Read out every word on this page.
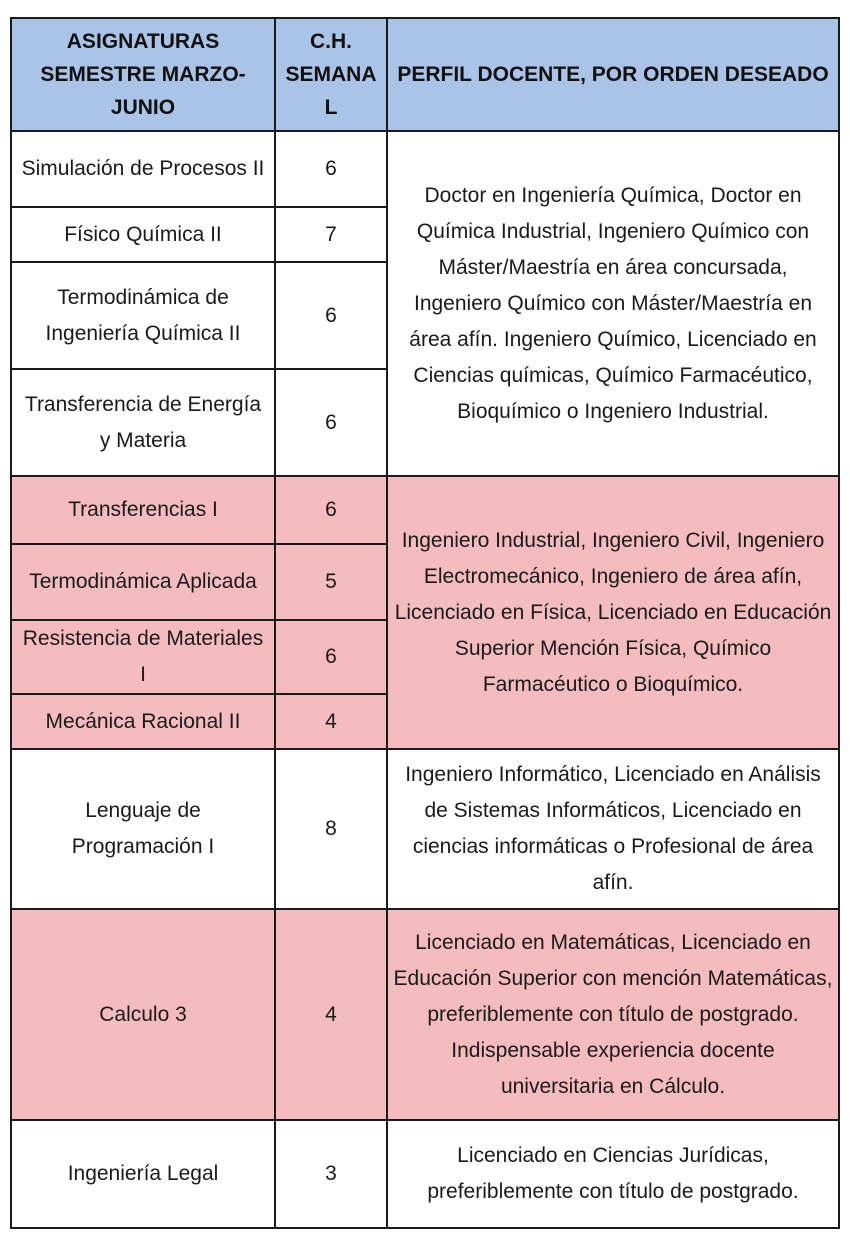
ASIGNATURAS SEMESTRE MARZO-JUNIO	C.H. SEMANA L	PERFIL DOCENTE, POR ORDEN DESEADO
Simulación de Procesos II	6	Doctor en Ingeniería Química, Doctor en Química Industrial, Ingeniero Químico con Máster/Maestría en área concursada, Ingeniero Químico con Máster/Maestría en área afín. Ingeniero Químico, Licenciado en Ciencias químicas, Químico Farmacéutico, Bioquímico o Ingeniero Industrial.
Físico Química II	7	
Termodinámica de Ingeniería Química II	6	
Transferencia de Energía y Materia	6	
Transferencias I	6	Ingeniero Industrial, Ingeniero Civil, Ingeniero Electromecánico, Ingeniero de área afín, Licenciado en Física, Licenciado en Educación Superior Mención Física, Químico Farmacéutico o Bioquímico.
Termodinámica Aplicada	5	
Resistencia de Materiales I	6	
Mecánica Racional II	4	
Lenguaje de Programación I	8	Ingeniero Informático, Licenciado en Análisis de Sistemas Informáticos, Licenciado en ciencias informáticas o Profesional de área afín.
Calculo 3	4	Licenciado en Matemáticas, Licenciado en Educación Superior con mención Matemáticas, preferiblemente con título de postgrado. Indispensable experiencia docente universitaria en Cálculo.
Ingeniería Legal	3	Licenciado en Ciencias Jurídicas, preferiblemente con título de postgrado.
